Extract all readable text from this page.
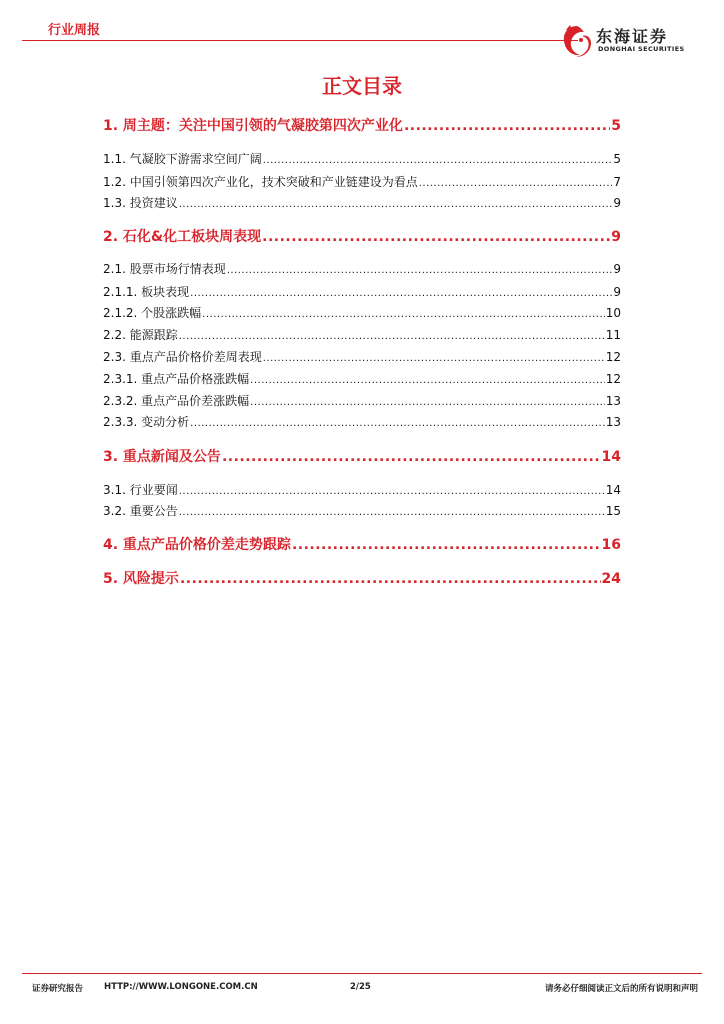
行业周报	东海证券
DONGHAI SECURITIES
正文目录
1. 周主题：关注中国引领的气凝胶第四次产业化 .....	5
1.1. 气凝胶下游需求空间广阔 .....	5
1.2. 中国引领第四次产业化，技术突破和产业链建设为看点 .....	7
1.3. 投资建议 .....	9
2. 石化&化工板块周表现 .....	9
2.1. 股票市场行情表现 .....	9
2.1.1. 板块表现 .....	9
2.1.2. 个股涨跌幅 .....	10
2.2. 能源跟踪 .....	11
2.3. 重点产品价格价差周表现 .....	12
2.3.1. 重点产品价格涨跌幅 .....	12
2.3.2. 重点产品价差涨跌幅 .....	13
2.3.3. 变动分析 .....	13
3. 重点新闻及公告 .....	14
3.1. 行业要闻 .....	14
3.2. 重要公告 .....	15
4. 重点产品价格价差走势跟踪 .....	16
5. 风险提示 .....	24
证券研究报告 HTTP://WWW.LONGONE.COM.CN	2/25	请务必仔细阅读正文后的所有说明和声明
